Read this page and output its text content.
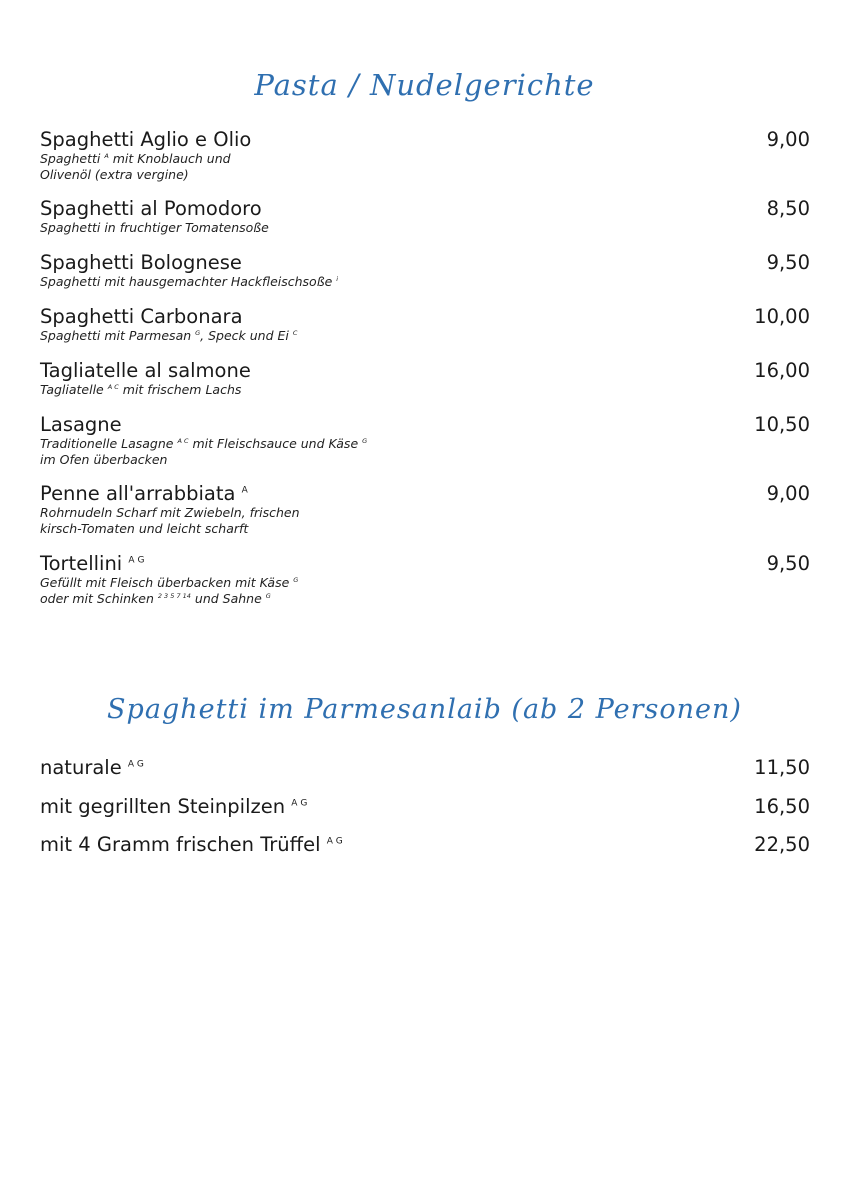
Pasta / Nudelgerichte
Spaghetti Aglio e Olio	9,00
Spaghetti $^A$ mit Knoblauch und
Olivenöl (extra vergine)
Spaghetti al Pomodoro	8,50
Spaghetti in fruchtiger Tomatensoße
Spaghetti Bolognese	9,50
Spaghetti mit hausgemachter Hackfleischsoße $^i$
Spaghetti Carbonara	10,00
Spaghetti mit Parmesan $^G$, Speck und Ei $^C$
Tagliatelle al salmone	16,00
Tagliatelle $^{A C}$ mit frischem Lachs
Lasagne	10,50
Traditionelle Lasagne $^{A C}$ mit Fleischsauce und Käse $^G$
im Ofen überbacken
Penne all'arrabbiata $^A$	9,00
Rohrnudeln Scharf mit Zwiebeln, frischen
kirsch-Tomaten und leicht scharft
Tortellini $^{A G}$	9,50
Gefüllt mit Fleisch überbacken mit Käse $^G$
oder mit Schinken $^{2 3 5 7 14}$ und Sahne $^G$
Spaghetti im Parmesanlaib (ab 2 Personen)
naturale $^{A G}$	11,50
mit gegrillten Steinpilzen $^{A G}$	16,50
mit 4 Gramm frischen Trüffel $^{A G}$	22,50
